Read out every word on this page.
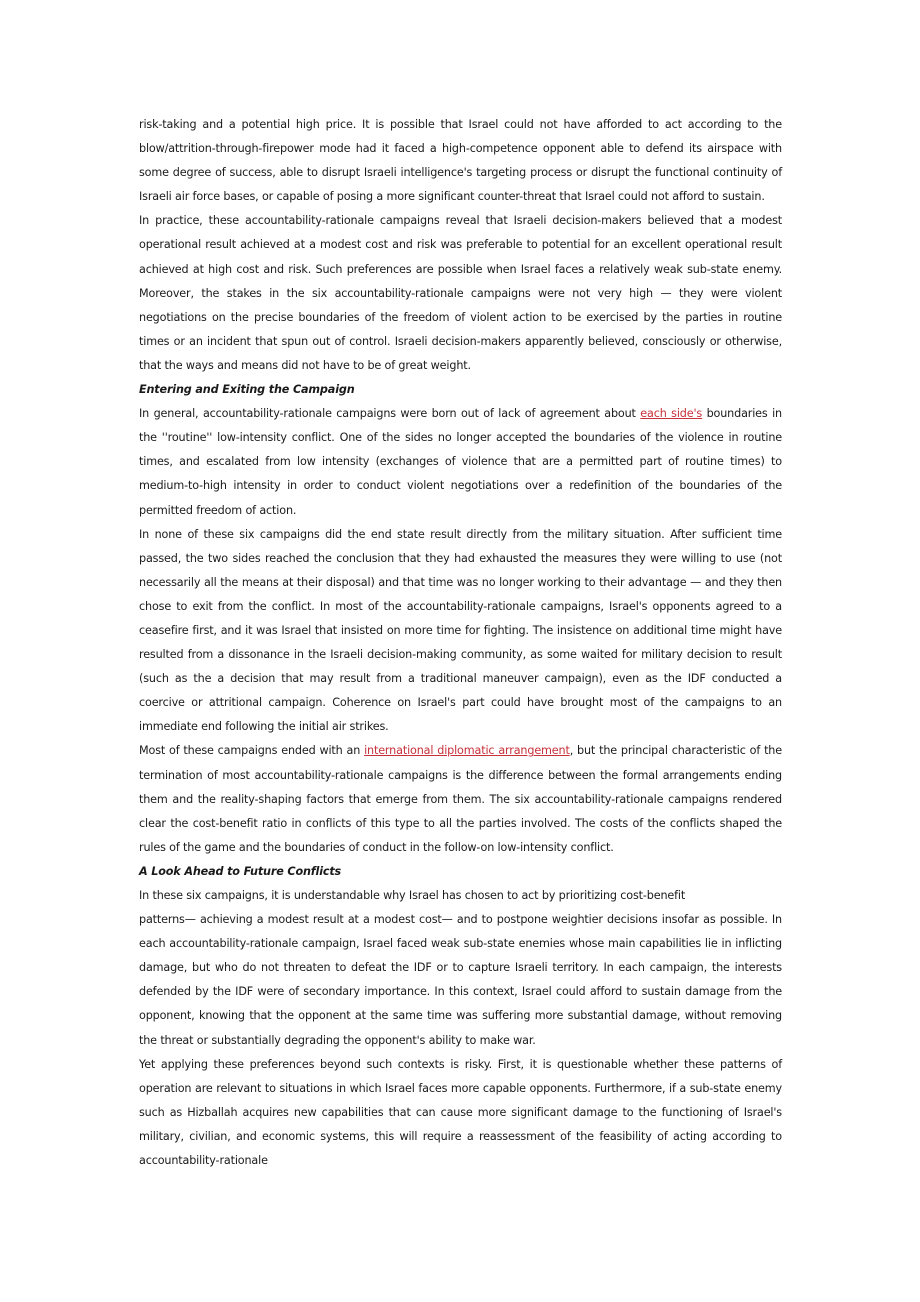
risk-taking and a potential high price. It is possible that Israel could not have afforded to act according to the blow/attrition-through-firepower mode had it faced a high-competence opponent able to defend its airspace with some degree of success, able to disrupt Israeli intelligence's targeting process or disrupt the functional continuity of Israeli air force bases, or capable of posing a more significant counter-threat that Israel could not afford to sustain.

In practice, these accountability-rationale campaigns reveal that Israeli decision-makers believed that a modest operational result achieved at a modest cost and risk was preferable to potential for an excellent operational result achieved at high cost and risk. Such preferences are possible when Israel faces a relatively weak sub-state enemy. Moreover, the stakes in the six accountability-rationale campaigns were not very high — they were violent negotiations on the precise boundaries of the freedom of violent action to be exercised by the parties in routine times or an incident that spun out of control. Israeli decision-makers apparently believed, consciously or otherwise, that the ways and means did not have to be of great weight.

Entering and Exiting the Campaign

In general, accountability-rationale campaigns were born out of lack of agreement about each side's boundaries in the ''routine'' low-intensity conflict. One of the sides no longer accepted the boundaries of the violence in routine times, and escalated from low intensity (exchanges of violence that are a permitted part of routine times) to medium-to-high intensity in order to conduct violent negotiations over a redefinition of the boundaries of the permitted freedom of action.

In none of these six campaigns did the end state result directly from the military situation. After sufficient time passed, the two sides reached the conclusion that they had exhausted the measures they were willing to use (not necessarily all the means at their disposal) and that time was no longer working to their advantage — and they then chose to exit from the conflict. In most of the accountability-rationale campaigns, Israel's opponents agreed to a ceasefire first, and it was Israel that insisted on more time for fighting. The insistence on additional time might have resulted from a dissonance in the Israeli decision-making community, as some waited for military decision to result (such as the a decision that may result from a traditional maneuver campaign), even as the IDF conducted a coercive or attritional campaign. Coherence on Israel's part could have brought most of the campaigns to an immediate end following the initial air strikes.

Most of these campaigns ended with an international diplomatic arrangement, but the principal characteristic of the termination of most accountability-rationale campaigns is the difference between the formal arrangements ending them and the reality-shaping factors that emerge from them. The six accountability-rationale campaigns rendered clear the cost-benefit ratio in conflicts of this type to all the parties involved. The costs of the conflicts shaped the rules of the game and the boundaries of conduct in the follow-on low-intensity conflict.

A Look Ahead to Future Conflicts

In these six campaigns, it is understandable why Israel has chosen to act by prioritizing cost-benefit

patterns— achieving a modest result at a modest cost— and to postpone weightier decisions insofar as possible. In each accountability-rationale campaign, Israel faced weak sub-state enemies whose main capabilities lie in inflicting damage, but who do not threaten to defeat the IDF or to capture Israeli territory. In each campaign, the interests defended by the IDF were of secondary importance. In this context, Israel could afford to sustain damage from the opponent, knowing that the opponent at the same time was suffering more substantial damage, without removing the threat or substantially degrading the opponent's ability to make war.

Yet applying these preferences beyond such contexts is risky. First, it is questionable whether these patterns of operation are relevant to situations in which Israel faces more capable opponents. Furthermore, if a sub-state enemy such as Hizballah acquires new capabilities that can cause more significant damage to the functioning of Israel's military, civilian, and economic systems, this will require a reassessment of the feasibility of acting according to accountability-rationale
